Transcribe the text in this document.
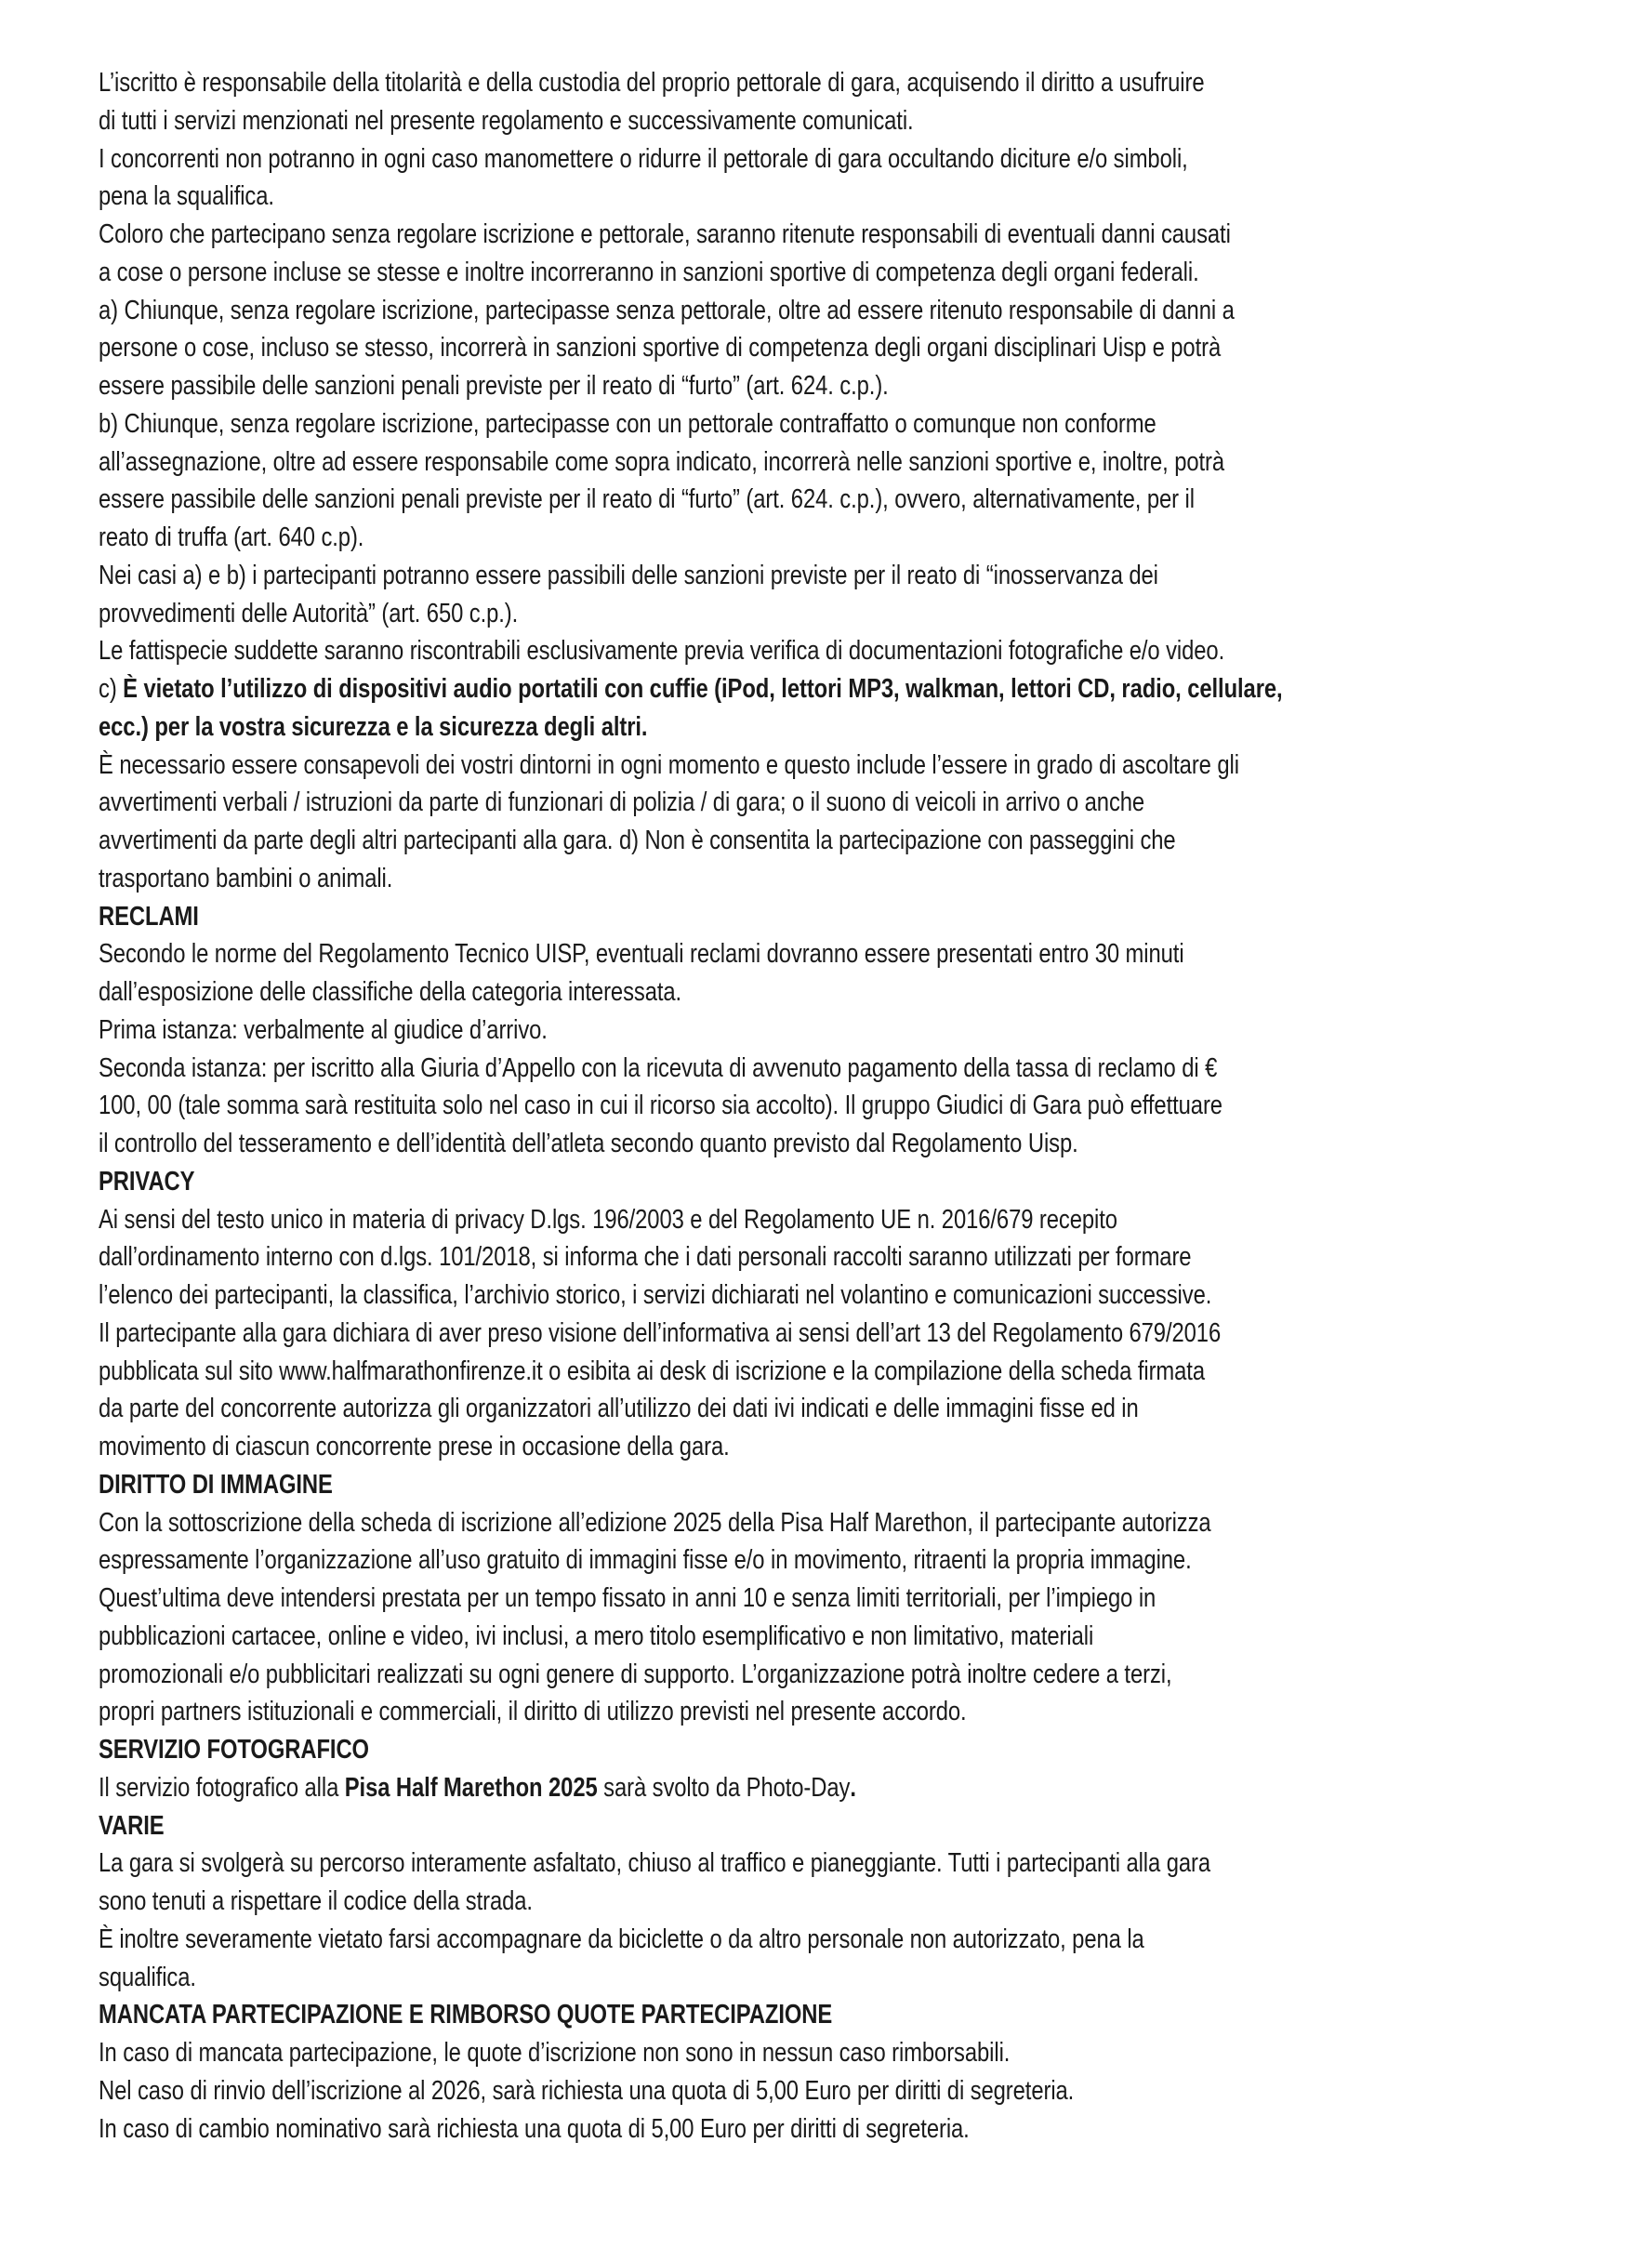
L’iscritto è responsabile della titolarità e della custodia del proprio pettorale di gara, acquisendo il diritto a usufruire
di tutti i servizi menzionati nel presente regolamento e successivamente comunicati.
I concorrenti non potranno in ogni caso manomettere o ridurre il pettorale di gara occultando diciture e/o simboli,
pena la squalifica.
Coloro che partecipano senza regolare iscrizione e pettorale, saranno ritenute responsabili di eventuali danni causati
a cose o persone incluse se stesse e inoltre incorreranno in sanzioni sportive di competenza degli organi federali.
a) Chiunque, senza regolare iscrizione, partecipasse senza pettorale, oltre ad essere ritenuto responsabile di danni a
persone o cose, incluso se stesso, incorrerà in sanzioni sportive di competenza degli organi disciplinari Uisp e potrà
essere passibile delle sanzioni penali previste per il reato di “furto” (art. 624. c.p.).
b) Chiunque, senza regolare iscrizione, partecipasse con un pettorale contraffatto o comunque non conforme
all’assegnazione, oltre ad essere responsabile come sopra indicato, incorrerà nelle sanzioni sportive e, inoltre, potrà
essere passibile delle sanzioni penali previste per il reato di “furto” (art. 624. c.p.), ovvero, alternativamente, per il
reato di truffa (art. 640 c.p).
Nei casi a) e b) i partecipanti potranno essere passibili delle sanzioni previste per il reato di “inosservanza dei
provvedimenti delle Autorità” (art. 650 c.p.).
Le fattispecie suddette saranno riscontrabili esclusivamente previa verifica di documentazioni fotografiche e/o video.
c) È vietato l’utilizzo di dispositivi audio portatili con cuffie (iPod, lettori MP3, walkman, lettori CD, radio, cellulare,
ecc.) per la vostra sicurezza e la sicurezza degli altri.
È necessario essere consapevoli dei vostri dintorni in ogni momento e questo include l’essere in grado di ascoltare gli
avvertimenti verbali / istruzioni da parte di funzionari di polizia / di gara; o il suono di veicoli in arrivo o anche
avvertimenti da parte degli altri partecipanti alla gara. d) Non è consentita la partecipazione con passeggini che
trasportano bambini o animali.
RECLAMI
Secondo le norme del Regolamento Tecnico UISP, eventuali reclami dovranno essere presentati entro 30 minuti
dall’esposizione delle classifiche della categoria interessata.
Prima istanza: verbalmente al giudice d’arrivo.
Seconda istanza: per iscritto alla Giuria d’Appello con la ricevuta di avvenuto pagamento della tassa di reclamo di €
100, 00 (tale somma sarà restituita solo nel caso in cui il ricorso sia accolto). Il gruppo Giudici di Gara può effettuare
il controllo del tesseramento e dell’identità dell’atleta secondo quanto previsto dal Regolamento Uisp.
PRIVACY
Ai sensi del testo unico in materia di privacy D.lgs. 196/2003 e del Regolamento UE n. 2016/679 recepito
dall’ordinamento interno con d.lgs. 101/2018, si informa che i dati personali raccolti saranno utilizzati per formare
l’elenco dei partecipanti, la classifica, l’archivio storico, i servizi dichiarati nel volantino e comunicazioni successive.
Il partecipante alla gara dichiara di aver preso visione dell’informativa ai sensi dell’art 13 del Regolamento 679/2016
pubblicata sul sito www.halfmarathonfirenze.it o esibita ai desk di iscrizione e la compilazione della scheda firmata
da parte del concorrente autorizza gli organizzatori all’utilizzo dei dati ivi indicati e delle immagini fisse ed in
movimento di ciascun concorrente prese in occasione della gara.
DIRITTO DI IMMAGINE
Con la sottoscrizione della scheda di iscrizione all’edizione 2025 della Pisa Half Marethon, il partecipante autorizza
espressamente l’organizzazione all’uso gratuito di immagini fisse e/o in movimento, ritraenti la propria immagine.
Quest’ultima deve intendersi prestata per un tempo fissato in anni 10 e senza limiti territoriali, per l’impiego in
pubblicazioni cartacee, online e video, ivi inclusi, a mero titolo esemplificativo e non limitativo, materiali
promozionali e/o pubblicitari realizzati su ogni genere di supporto. L’organizzazione potrà inoltre cedere a terzi,
propri partners istituzionali e commerciali, il diritto di utilizzo previsti nel presente accordo.
SERVIZIO FOTOGRAFICO
Il servizio fotografico alla Pisa Half Marethon 2025 sarà svolto da Photo-Day.
VARIE
La gara si svolgerà su percorso interamente asfaltato, chiuso al traffico e pianeggiante. Tutti i partecipanti alla gara
sono tenuti a rispettare il codice della strada.
È inoltre severamente vietato farsi accompagnare da biciclette o da altro personale non autorizzato, pena la
squalifica.
MANCATA PARTECIPAZIONE E RIMBORSO QUOTE PARTECIPAZIONE
In caso di mancata partecipazione, le quote d’iscrizione non sono in nessun caso rimborsabili.
Nel caso di rinvio dell’iscrizione al 2026, sarà richiesta una quota di 5,00 Euro per diritti di segreteria.
In caso di cambio nominativo sarà richiesta una quota di 5,00 Euro per diritti di segreteria.
